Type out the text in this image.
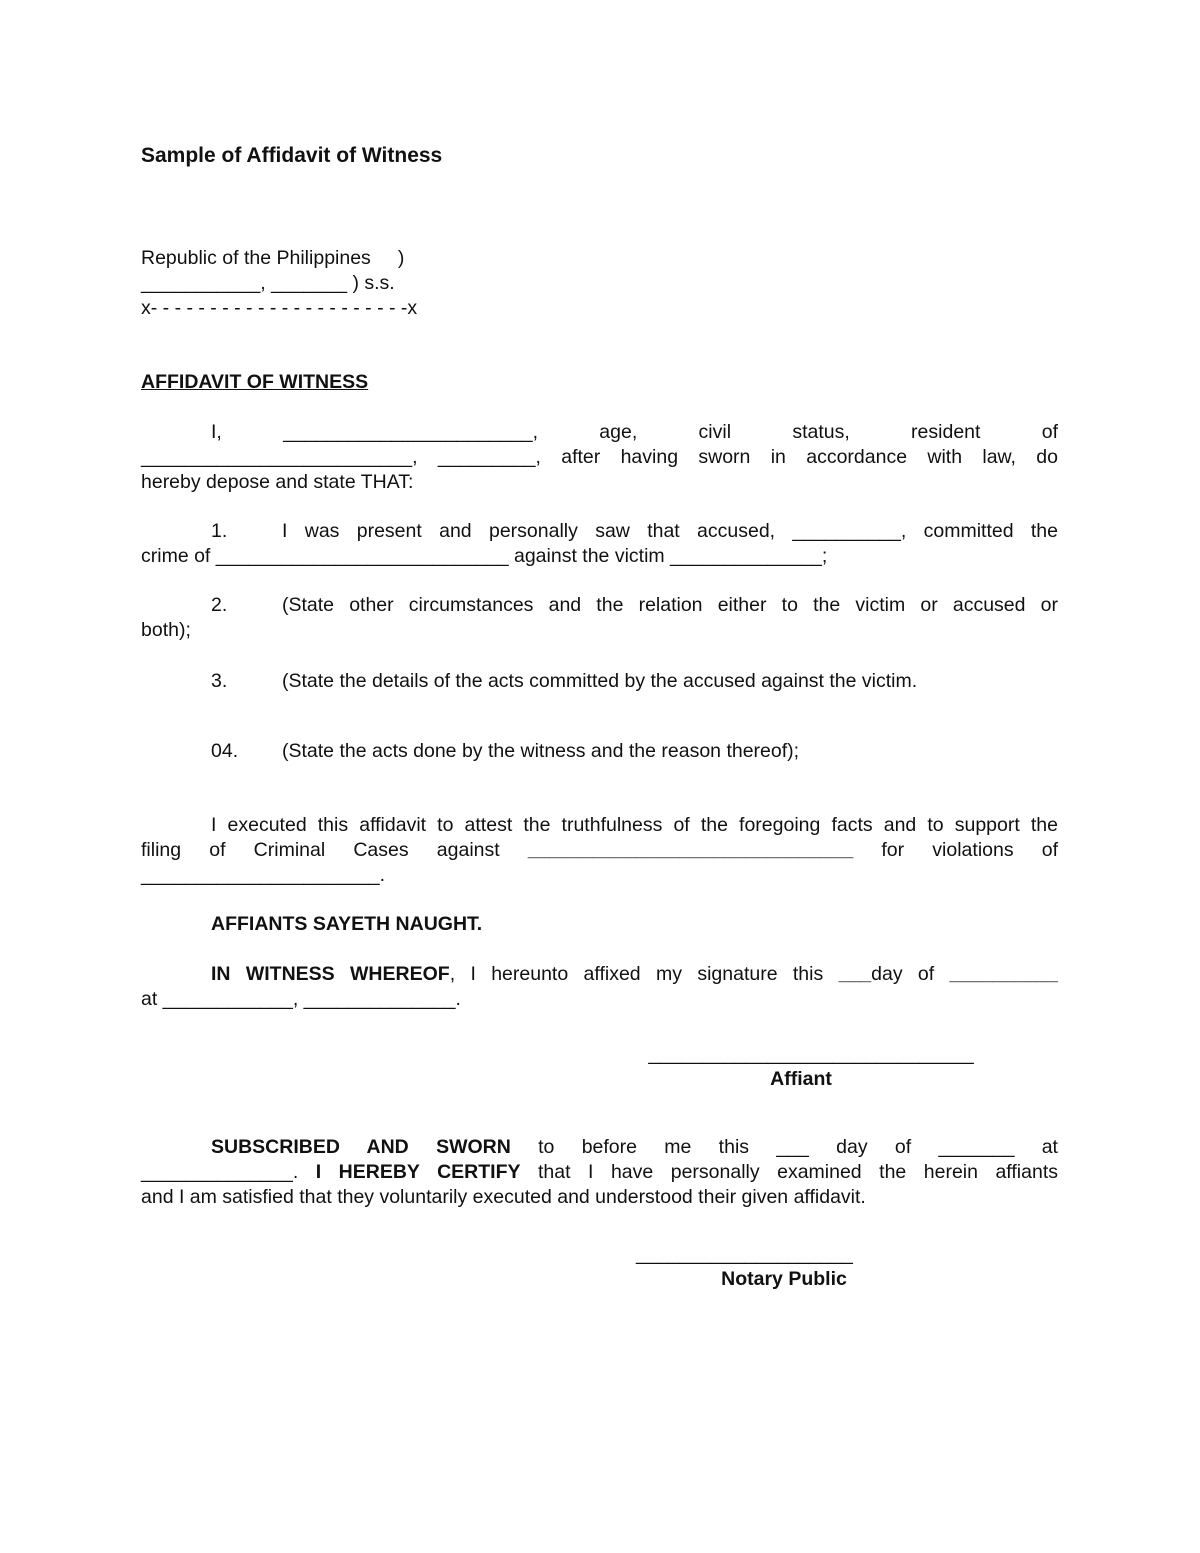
Sample of Affidavit of Witness
Republic of the Philippines     )
___________, _______ ) s.s.
x- - - - - - - - - - - - - - - - - - - - - -x
AFFIDAVIT OF WITNESS
I, _______________________, age, civil status, resident of
_________________________, _________, after having sworn in accordance with law, do
hereby depose and state THAT:
1.	I was present and personally saw that accused, __________, committed the
crime of ___________________________ against the victim ______________;
2.	(State other circumstances and the relation either to the victim or accused or
both);
3.	(State the details of the acts committed by the accused against the victim.
04. (State the acts done by the witness and the reason thereof);
I executed this affidavit to attest the truthfulness of the foregoing facts and to support the
filing of Criminal Cases against ______________________________ for violations of
______________________.
AFFIANTS SAYETH NAUGHT.
IN WITNESS WHEREOF, I hereunto affixed my signature this ___day of __________
at ____________, ______________.
______________________________
Affiant
SUBSCRIBED AND SWORN to before me this ___ day of _______ at
______________. I HEREBY CERTIFY that I have personally examined the herein affiants
and I am satisfied that they voluntarily executed and understood their given affidavit.
____________________
Notary Public
